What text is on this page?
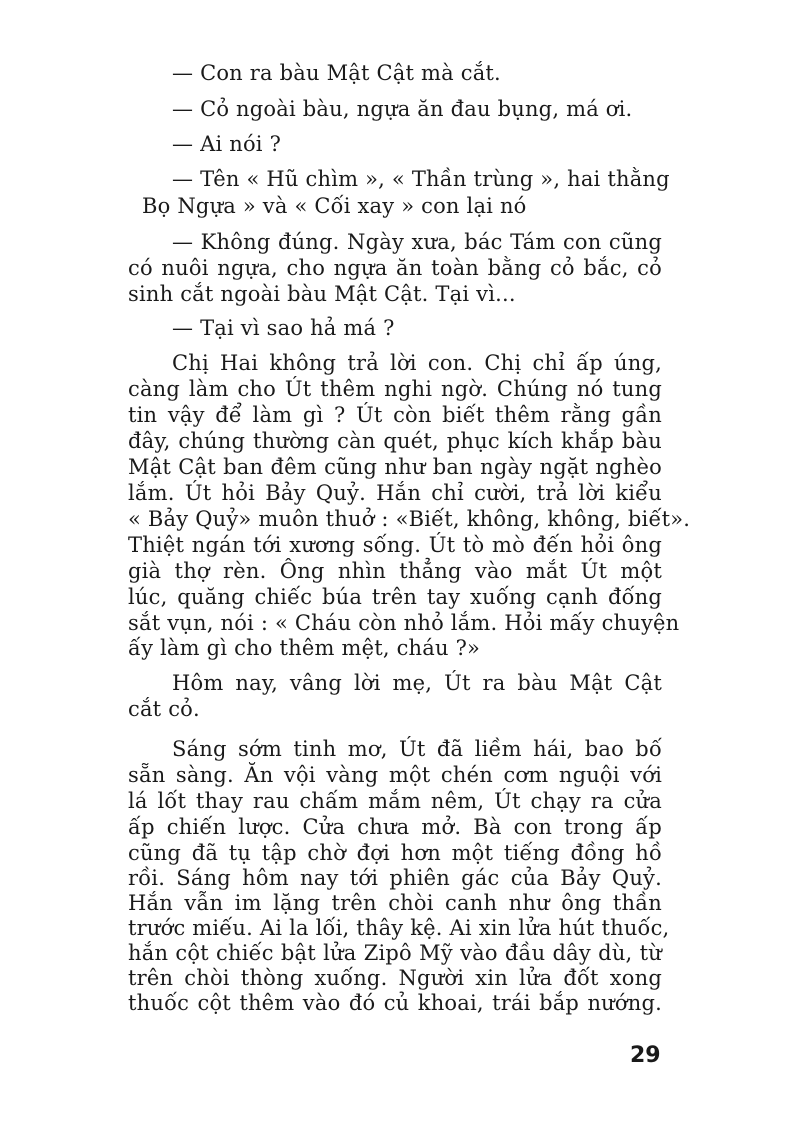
— Con ra bàu Mật Cật mà cắt.
— Cỏ ngoài bàu, ngựa ăn đau bụng, má ơi.
— Ai nói ?
— Tên « Hũ chìm », « Thần trùng », hai thằng
Bọ Ngựa » và « Cối xay » con lại nó
— Không đúng. Ngày xưa, bác Tám con cũng
có nuôi ngựa, cho ngựa ăn toàn bằng cỏ bắc, cỏ
sinh cắt ngoài bàu Mật Cật. Tại vì...
— Tại vì sao hả má ?
Chị Hai không trả lời con. Chị chỉ ấp úng,
càng làm cho Út thêm nghi ngờ. Chúng nó tung
tin vậy để làm gì ? Út còn biết thêm rằng gần
đây, chúng thường càn quét, phục kích khắp bàu
Mật Cật ban đêm cũng như ban ngày ngặt nghèo
lắm. Út hỏi Bảy Quỷ. Hắn chỉ cười, trả lời kiểu
« Bảy Quỷ» muôn thuở : «Biết, không, không, biết».
Thiệt ngán tới xương sống. Út tò mò đến hỏi ông
già thợ rèn. Ông nhìn thẳng vào mắt Út một
lúc, quăng chiếc búa trên tay xuống cạnh đống
sắt vụn, nói : « Cháu còn nhỏ lắm. Hỏi mấy chuyện
ấy làm gì cho thêm mệt, cháu ?»
Hôm nay, vâng lời mẹ, Út ra bàu Mật Cật
cắt cỏ.
Sáng sớm tinh mơ, Út đã liềm hái, bao bố
sẵn sàng. Ăn vội vàng một chén cơm nguội với
lá lốt thay rau chấm mắm nêm, Út chạy ra cửa
ấp chiến lược. Cửa chưa mở. Bà con trong ấp
cũng đã tụ tập chờ đợi hơn một tiếng đồng hồ
rồi. Sáng hôm nay tới phiên gác của Bảy Quỷ.
Hắn vẫn im lặng trên chòi canh như ông thần
trước miếu. Ai la lối, thây kệ. Ai xin lửa hút thuốc,
hắn cột chiếc bật lửa Zipô Mỹ vào đầu dây dù, từ
trên chòi thòng xuống. Người xin lửa đốt xong
thuốc cột thêm vào đó củ khoai, trái bắp nướng.
29
